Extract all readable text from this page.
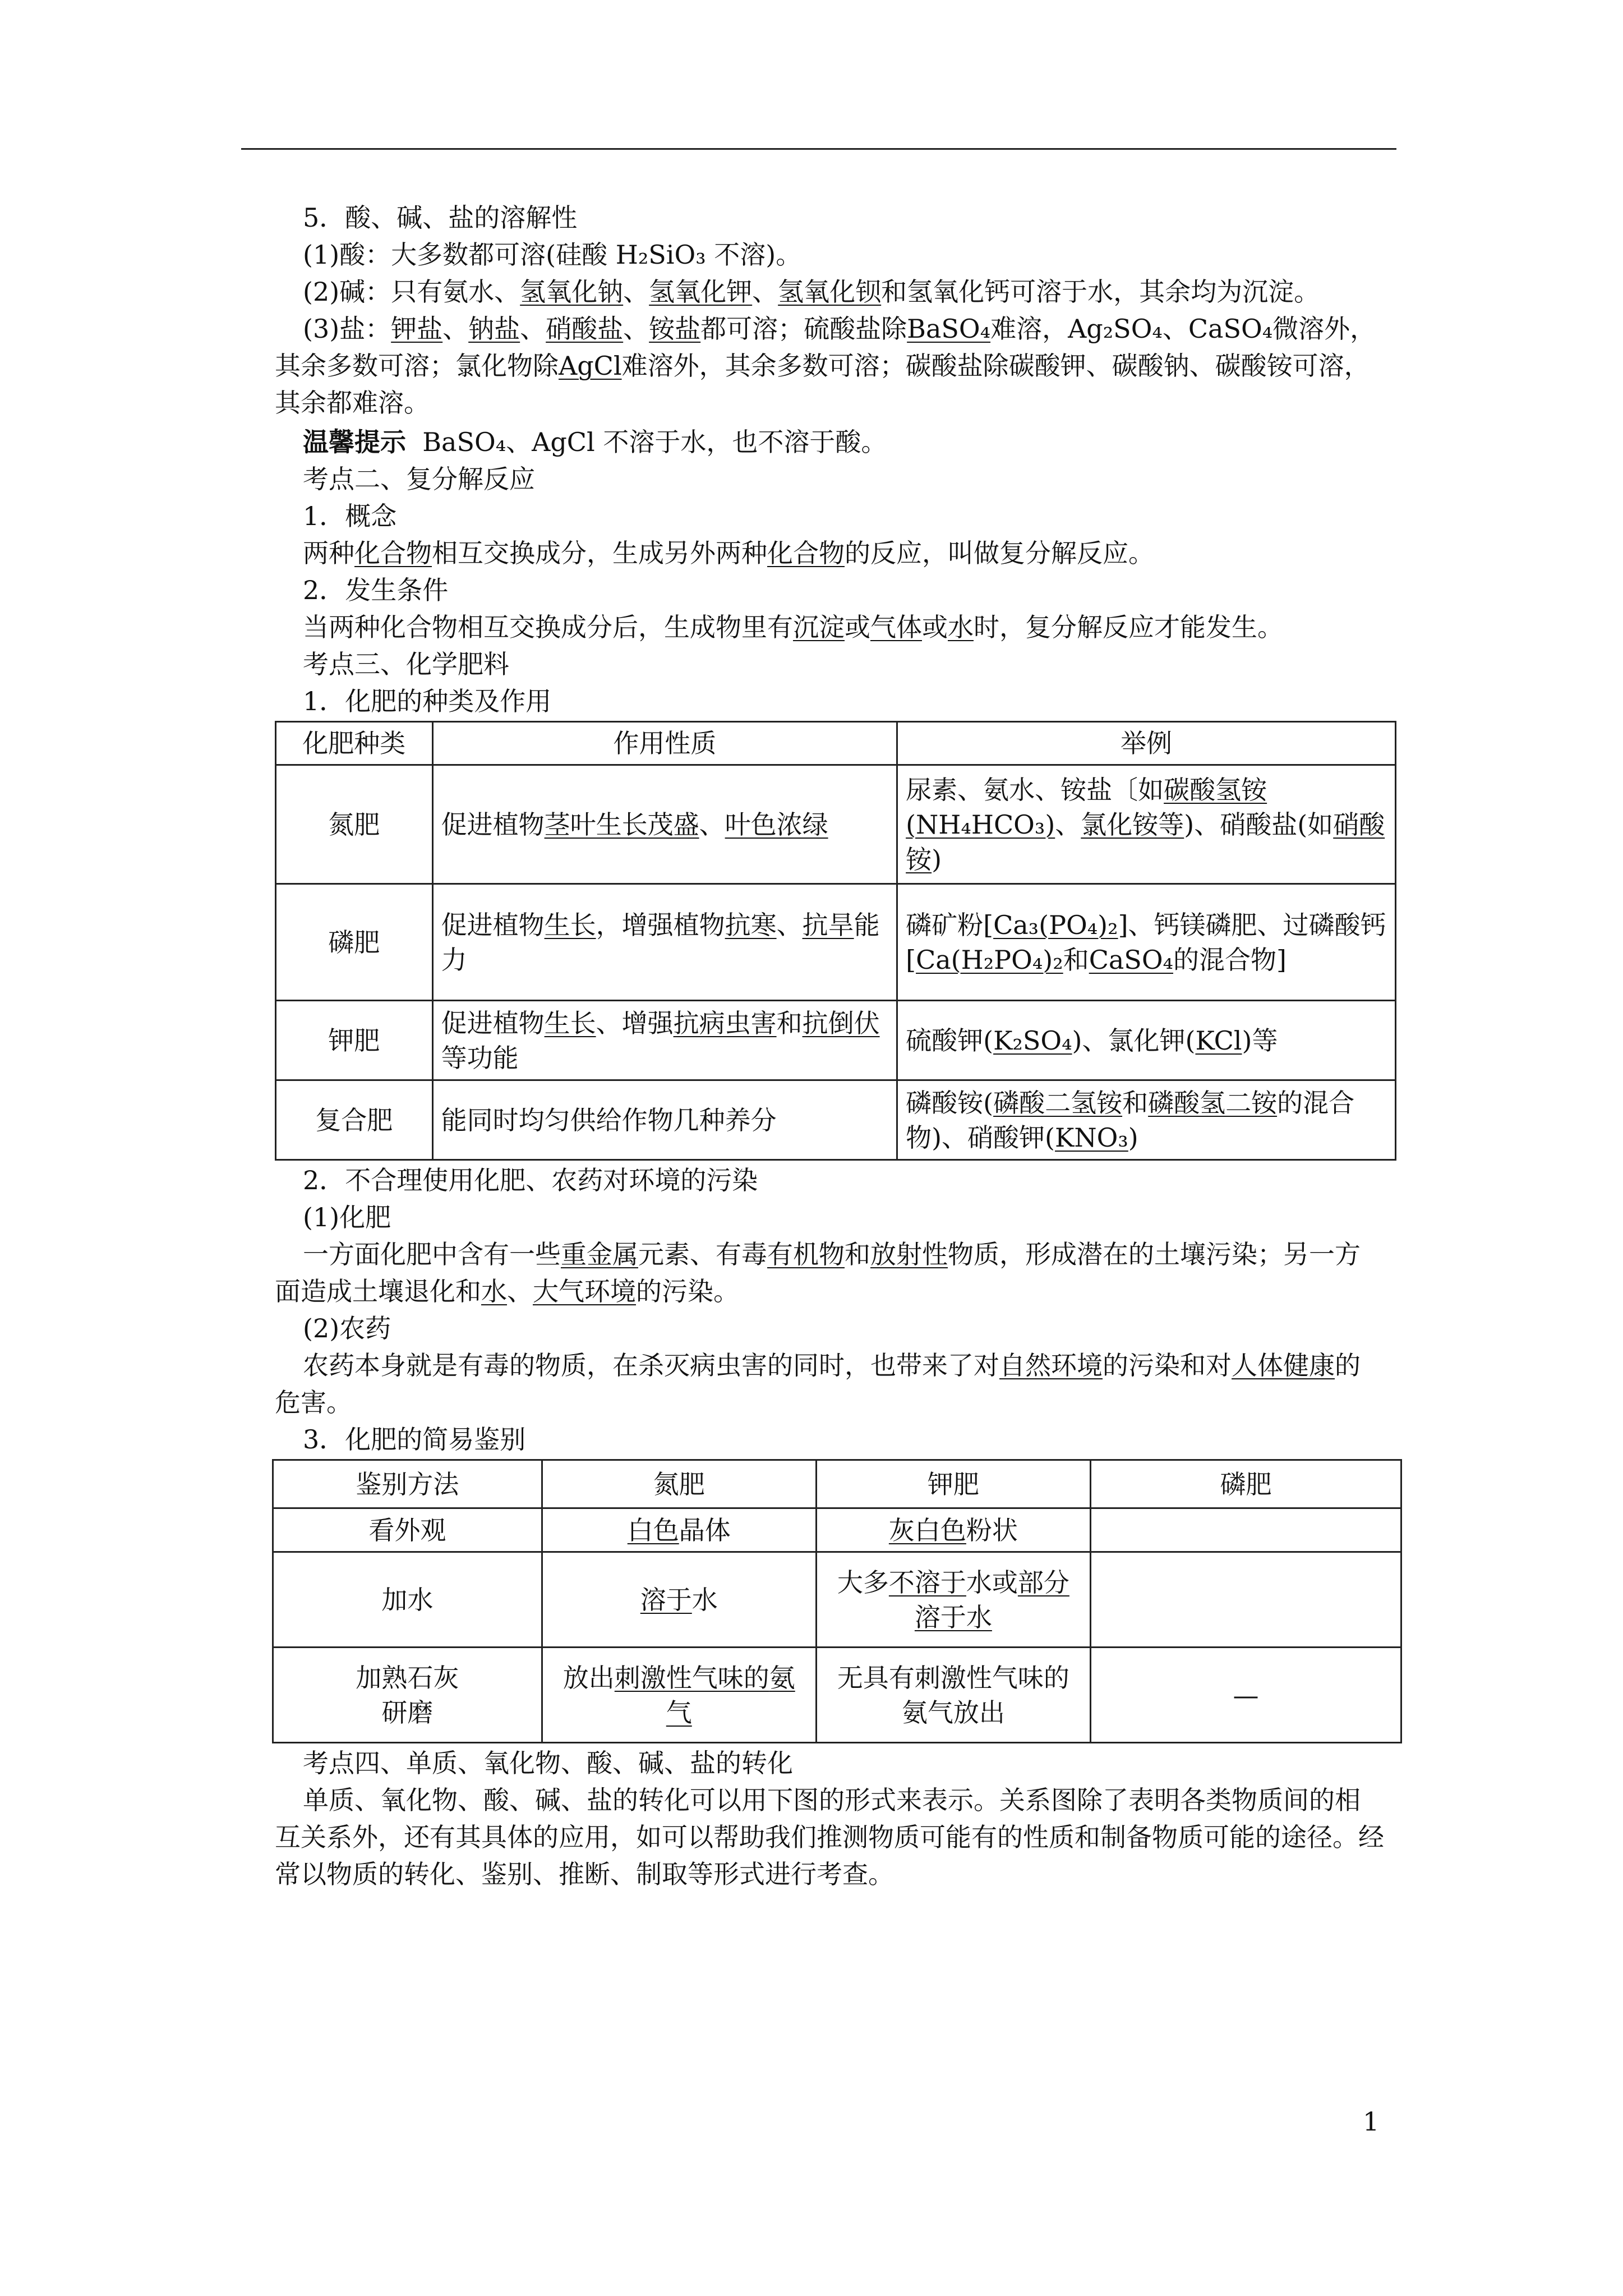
5．酸、碱、盐的溶解性

(1)酸：大多数都可溶(硅酸 H₂SiO₃ 不溶)。

(2)碱：只有氨水、氢氧化钠、氢氧化钾、氢氧化钡和氢氧化钙可溶于水，其余均为沉淀。

(3)盐：钾盐、钠盐、硝酸盐、铵盐都可溶；硫酸盐除BaSO₄难溶，Ag₂SO₄、CaSO₄微溶外，其余多数可溶；氯化物除AgCl难溶外，其余多数可溶；碳酸盐除碳酸钾、碳酸钠、碳酸铵可溶，其余都难溶。

温馨提示 BaSO₄、AgCl 不溶于水，也不溶于酸。

考点二、复分解反应

1．概念

两种化合物相互交换成分，生成另外两种化合物的反应，叫做复分解反应。

2．发生条件

当两种化合物相互交换成分后，生成物里有沉淀或气体或水时，复分解反应才能发生。

考点三、化学肥料

1．化肥的种类及作用

化肥种类	作用性质	举例
氮肥	促进植物茎叶生长茂盛、叶色浓绿	尿素、氨水、铵盐〔如碳酸氢铵(NH₄HCO₃)、氯化铵等)、硝酸盐(如硝酸铵)
磷肥	促进植物生长，增强植物抗寒、抗旱能力	磷矿粉[Ca₃(PO₄)₂]、钙镁磷肥、过磷酸钙[Ca(H₂PO₄)₂和CaSO₄的混合物]
钾肥	促进植物生长、增强抗病虫害和抗倒伏等功能	硫酸钾(K₂SO₄)、氯化钾(KCl)等
复合肥	能同时均匀供给作物几种养分	磷酸铵(磷酸二氢铵和磷酸氢二铵的混合物)、硝酸钾(KNO₃)

2．不合理使用化肥、农药对环境的污染

(1)化肥

一方面化肥中含有一些重金属元素、有毒有机物和放射性物质，形成潜在的土壤污染；另一方面造成土壤退化和水、大气环境的污染。

(2)农药

农药本身就是有毒的物质，在杀灭病虫害的同时，也带来了对自然环境的污染和对人体健康的危害。

3．化肥的简易鉴别

鉴别方法	氮肥	钾肥	磷肥
看外观	白色晶体	灰白色粉状	
加水	溶于水	大多不溶于水或部分溶于水	
加熟石灰研磨	放出刺激性气味的氨气	无具有刺激性气味的氨气放出	—

考点四、单质、氧化物、酸、碱、盐的转化

单质、氧化物、酸、碱、盐的转化可以用下图的形式来表示。关系图除了表明各类物质间的相互关系外，还有其具体的应用，如可以帮助我们推测物质可能有的性质和制备物质可能的途径。经常以物质的转化、鉴别、推断、制取等形式进行考查。

1
